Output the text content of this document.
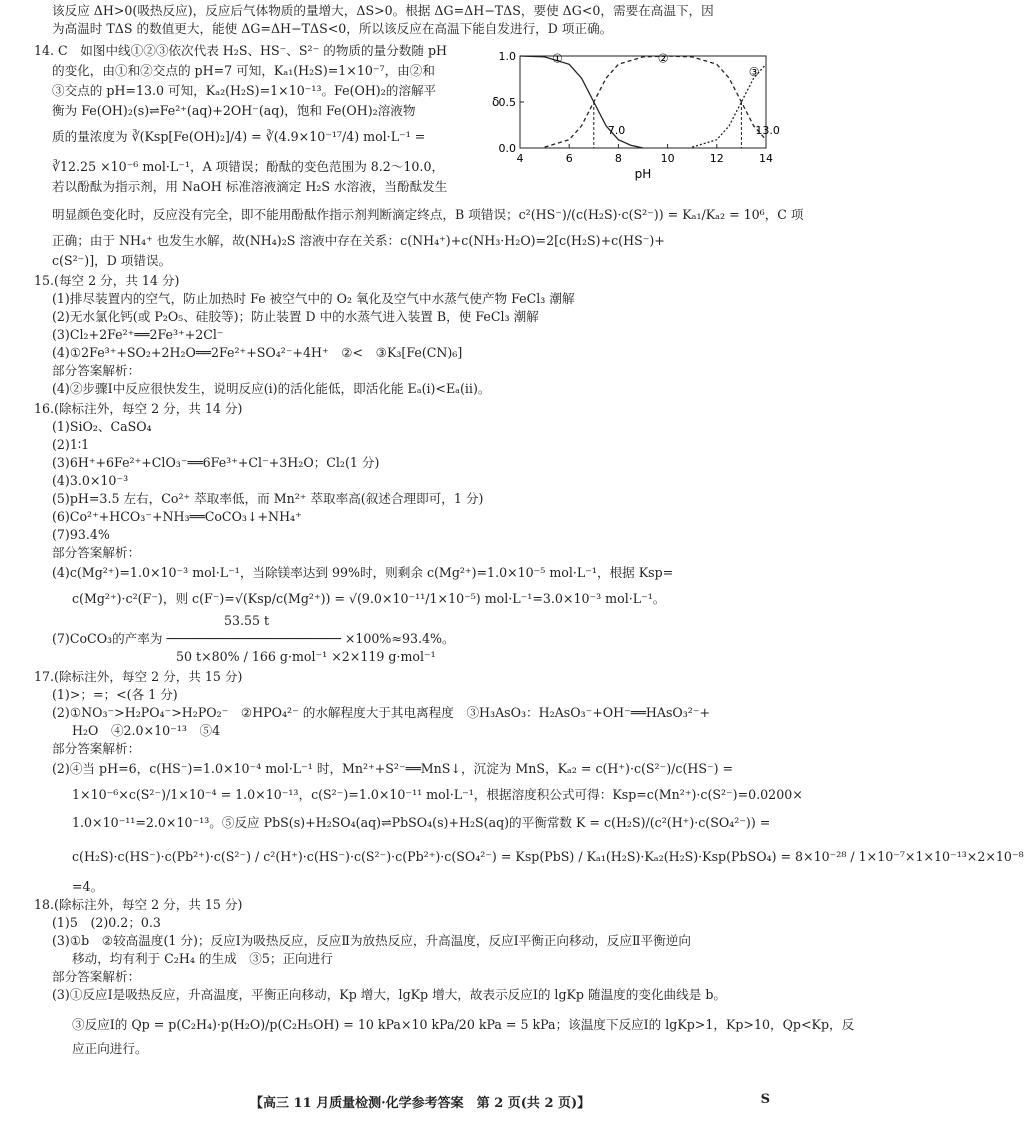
该反应 ΔH>0(吸热反应)，反应后气体物质的量增大，ΔS>0。根据 ΔG=ΔH−TΔS，要使 ΔG<0，需要在高温下，因
为高温时 TΔS 的数值更大，能使 ΔG=ΔH−TΔS<0，所以该反应在高温下能自发进行，D 项正确。
14. C　如图中线①②③依次代表 H₂S、HS⁻、S²⁻ 的物质的量分数随 pH
的变化，由①和②交点的 pH=7 可知，Kₐ₁(H₂S)=1×10⁻⁷，由②和
③交点的 pH=13.0 可知，Kₐ₂(H₂S)=1×10⁻¹³。Fe(OH)₂的溶解平
衡为 Fe(OH)₂(s)⇌Fe²⁺(aq)+2OH⁻(aq)，饱和 Fe(OH)₂溶液物
质的量浓度为 ∛(Ksp[Fe(OH)₂]/4) = ∛(4.9×10⁻¹⁷/4) mol·L⁻¹ =
∛12.25 ×10⁻⁶ mol·L⁻¹，A 项错误；酚酞的变色范围为 8.2～10.0，
若以酚酞为指示剂，用 NaOH 标准溶液滴定 H₂S 水溶液，当酚酞发生
明显颜色变化时，反应没有完全，即不能用酚酞作指示剂判断滴定终点，B 项错误；c²(HS⁻)/(c(H₂S)·c(S²⁻)) = Kₐ₁/Kₐ₂ = 10⁶，C 项
正确；由于 NH₄⁺ 也发生水解，故(NH₄)₂S 溶液中存在关系：c(NH₄⁺)+c(NH₃·H₂O)=2[c(H₂S)+c(HS⁻)+
c(S²⁻)]，D 项错误。
15.(每空 2 分，共 14 分)
(1)排尽装置内的空气，防止加热时 Fe 被空气中的 O₂ 氧化及空气中水蒸气使产物 FeCl₃ 潮解
(2)无水氯化钙(或 P₂O₅、硅胶等)；防止装置 D 中的水蒸气进入装置 B，使 FeCl₃ 潮解
(3)Cl₂+2Fe²⁺══2Fe³⁺+2Cl⁻
(4)①2Fe³⁺+SO₂+2H₂O══2Fe²⁺+SO₄²⁻+4H⁺　②<　③K₃[Fe(CN)₆]
部分答案解析：
(4)②步骤Ⅰ中反应很快发生，说明反应(ⅰ)的活化能低，即活化能 Eₐ(ⅰ)<Eₐ(ⅱ)。
16.(除标注外，每空 2 分，共 14 分)
(1)SiO₂、CaSO₄
(2)1∶1
(3)6H⁺+6Fe²⁺+ClO₃⁻══6Fe³⁺+Cl⁻+3H₂O；Cl₂(1 分)
(4)3.0×10⁻³
(5)pH=3.5 左右，Co²⁺ 萃取率低，而 Mn²⁺ 萃取率高(叙述合理即可，1 分)
(6)Co²⁺+HCO₃⁻+NH₃══CoCO₃↓+NH₄⁺
(7)93.4%
部分答案解析：
(4)c(Mg²⁺)=1.0×10⁻³ mol·L⁻¹，当除镁率达到 99%时，则剩余 c(Mg²⁺)=1.0×10⁻⁵ mol·L⁻¹，根据 Ksp=
c(Mg²⁺)·c²(F⁻)，则 c(F⁻)=√(Ksp/c(Mg²⁺)) = √(9.0×10⁻¹¹/1×10⁻⁵) mol·L⁻¹=3.0×10⁻³ mol·L⁻¹。
53.55 t
(7)CoCO₃的产率为 ─────────────────────── ×100%≈93.4%。
50 t×80% / 166 g·mol⁻¹ ×2×119 g·mol⁻¹
17.(除标注外，每空 2 分，共 15 分)
(1)>；=；<(各 1 分)
(2)①NO₃⁻>H₂PO₄⁻>H₂PO₂⁻　②HPO₄²⁻ 的水解程度大于其电离程度　③H₃AsO₃：H₂AsO₃⁻+OH⁻══HAsO₃²⁻+
H₂O　④2.0×10⁻¹³　⑤4
部分答案解析：
(2)④当 pH=6，c(HS⁻)=1.0×10⁻⁴ mol·L⁻¹ 时，Mn²⁺+S²⁻══MnS↓，沉淀为 MnS，Kₐ₂ = c(H⁺)·c(S²⁻)/c(HS⁻) =
1×10⁻⁶×c(S²⁻)/1×10⁻⁴ = 1.0×10⁻¹³，c(S²⁻)=1.0×10⁻¹¹ mol·L⁻¹，根据溶度积公式可得：Ksp=c(Mn²⁺)·c(S²⁻)=0.0200×
1.0×10⁻¹¹=2.0×10⁻¹³。⑤反应 PbS(s)+H₂SO₄(aq)⇌PbSO₄(s)+H₂S(aq)的平衡常数 K = c(H₂S)/(c²(H⁺)·c(SO₄²⁻)) =
c(H₂S)·c(HS⁻)·c(Pb²⁺)·c(S²⁻) / c²(H⁺)·c(HS⁻)·c(S²⁻)·c(Pb²⁺)·c(SO₄²⁻) = Ksp(PbS) / Kₐ₁(H₂S)·Kₐ₂(H₂S)·Ksp(PbSO₄) = 8×10⁻²⁸ / 1×10⁻⁷×1×10⁻¹³×2×10⁻⁸
=4。
18.(除标注外，每空 2 分，共 15 分)
(1)5　(2)0.2；0.3
(3)①b　②较高温度(1 分)；反应Ⅰ为吸热反应，反应Ⅱ为放热反应，升高温度，反应Ⅰ平衡正向移动，反应Ⅱ平衡逆向
移动，均有利于 C₂H₄ 的生成　③5；正向进行
部分答案解析：
(3)①反应Ⅰ是吸热反应，升高温度，平衡正向移动，Kp 增大，lgKp 增大，故表示反应Ⅰ的 lgKp 随温度的变化曲线是 b。
③反应Ⅰ的 Qp = p(C₂H₄)·p(H₂O)/p(C₂H₅OH) = 10 kPa×10 kPa/20 kPa = 5 kPa；该温度下反应Ⅰ的 lgKp>1，Kp>10，Qp<Kp，反
应正向进行。
4	6	8	10	12	14
0.0
0.5
1.0
pH
δ
①	②
③
7.0	13.0
【高三 11 月质量检测·化学参考答案　第 2 页(共 2 页)】	S
